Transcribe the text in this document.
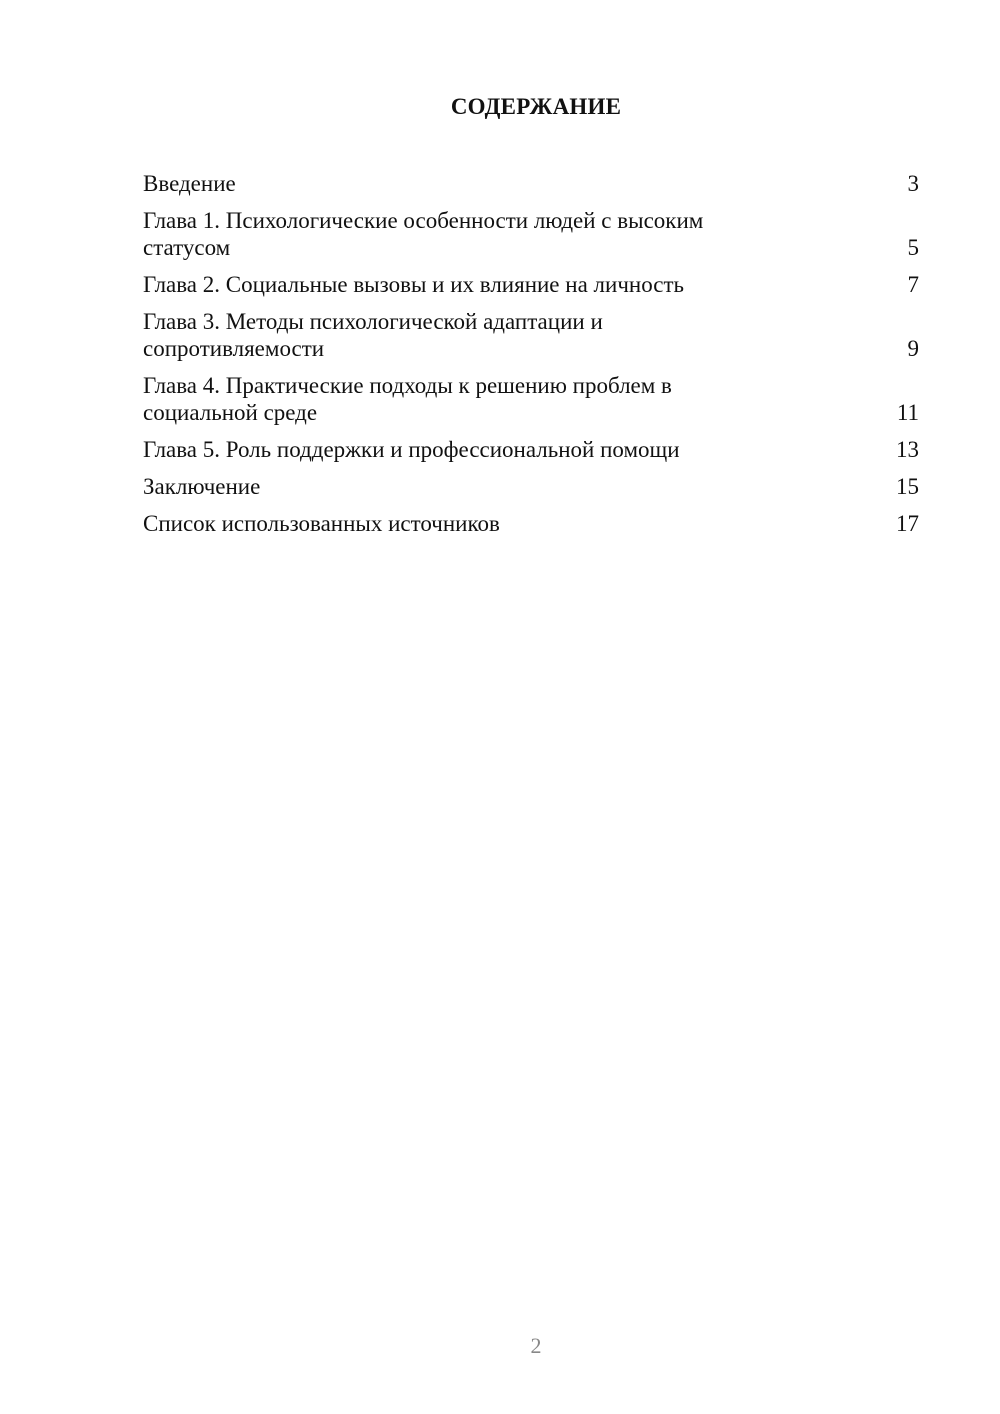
СОДЕРЖАНИЕ
Введение	3
Глава 1. Психологические особенности людей с высоким статусом	5
Глава 2. Социальные вызовы и их влияние на личность	7
Глава 3. Методы психологической адаптации и сопротивляемости	9
Глава 4. Практические подходы к решению проблем в социальной среде	11
Глава 5. Роль поддержки и профессиональной помощи	13
Заключение	15
Список использованных источников	17
2
